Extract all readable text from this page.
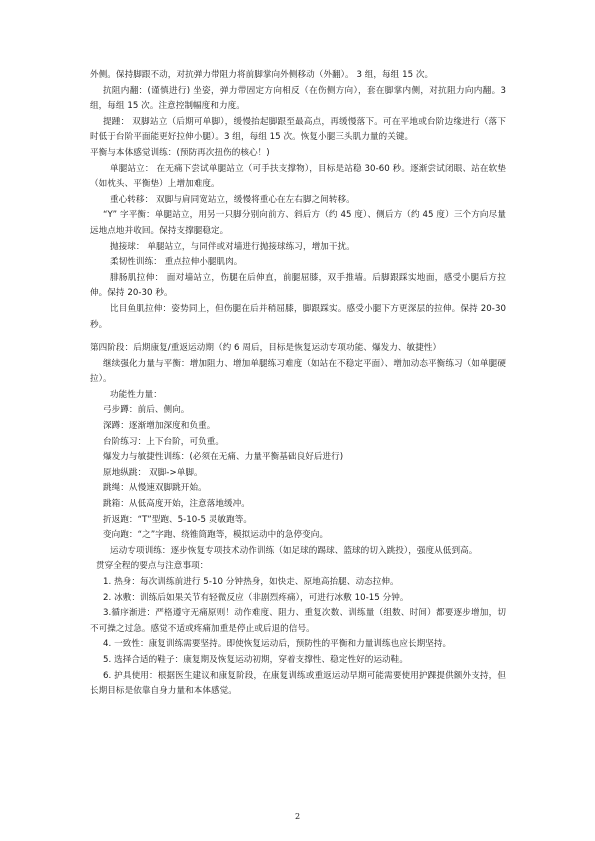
外侧。保持脚跟不动，对抗弹力带阻力将前脚掌向外侧移动（外翻）。 3 组，每组 15 次。

抗阻内翻：(谨慎进行) 坐姿，弹力带固定方向相反（在伤侧方向），套在脚掌内侧，对抗阻力向内翻。3 组，每组 15 次。注意控制幅度和力度。

提踵： 双脚站立（后期可单脚），缓慢抬起脚跟至最高点，再缓慢落下。可在平地或台阶边缘进行（落下时低于台阶平面能更好拉伸小腿）。3 组，每组 15 次。恢复小腿三头肌力量的关键。

平衡与本体感觉训练：(预防再次扭伤的核心！)

单腿站立： 在无痛下尝试单腿站立（可手扶支撑物），目标是站稳 30-60 秒。逐渐尝试闭眼、站在软垫（如枕头、平衡垫）上增加难度。

重心转移： 双脚与肩同宽站立，缓慢将重心在左右脚之间转移。

“Y” 字平衡：单腿站立，用另一只脚分别向前方、斜后方（约 45 度）、侧后方（约 45 度）三个方向尽量远地点地并收回。保持支撑腿稳定。

抛接球： 单腿站立，与同伴或对墙进行抛接球练习，增加干扰。

柔韧性训练： 重点拉伸小腿肌肉。

腓肠肌拉伸： 面对墙站立，伤腿在后伸直，前腿屈膝，双手推墙。后脚跟踩实地面，感受小腿后方拉伸。保持 20-30 秒。

比目鱼肌拉伸：姿势同上，但伤腿在后并稍屈膝，脚跟踩实。感受小腿下方更深层的拉伸。保持 20-30 秒。

第四阶段：后期康复/重返运动期（约 6 周后，目标是恢复运动专项功能、爆发力、敏捷性）

继续强化力量与平衡：增加阻力、增加单腿练习难度（如站在不稳定平面）、增加动态平衡练习（如单腿硬拉）。

功能性力量：

弓步蹲：前后、侧向。

深蹲：逐渐增加深度和负重。

台阶练习：上下台阶，可负重。

爆发力与敏捷性训练：(必须在无痛、力量平衡基础良好后进行)

原地纵跳： 双脚->单脚。

跳绳：从慢速双脚跳开始。

跳箱：从低高度开始，注意落地缓冲。

折返跑：“T”型跑、5-10-5 灵敏跑等。

变向跑：“之”字跑、绕锥筒跑等，模拟运动中的急停变向。

运动专项训练：逐步恢复专项技术动作训练（如足球的踢球、篮球的切入跳投），强度从低到高。

贯穿全程的要点与注意事项：

1. 热身：每次训练前进行 5-10 分钟热身，如快走、原地高抬腿、动态拉伸。

2. 冰敷：训练后如果关节有轻微反应（非剧烈疼痛），可进行冰敷 10-15 分钟。

3.循序渐进：严格遵守无痛原则！动作难度、阻力、重复次数、训练量（组数、时间）都要逐步增加，切不可操之过急。感觉不适或疼痛加重是停止或后退的信号。

4. 一致性：康复训练需要坚持。即使恢复运动后，预防性的平衡和力量训练也应长期坚持。

5. 选择合适的鞋子：康复期及恢复运动初期，穿着支撑性、稳定性好的运动鞋。

6. 护具使用：根据医生建议和康复阶段，在康复训练或重返运动早期可能需要使用护踝提供额外支持，但长期目标是依靠自身力量和本体感觉。

2
